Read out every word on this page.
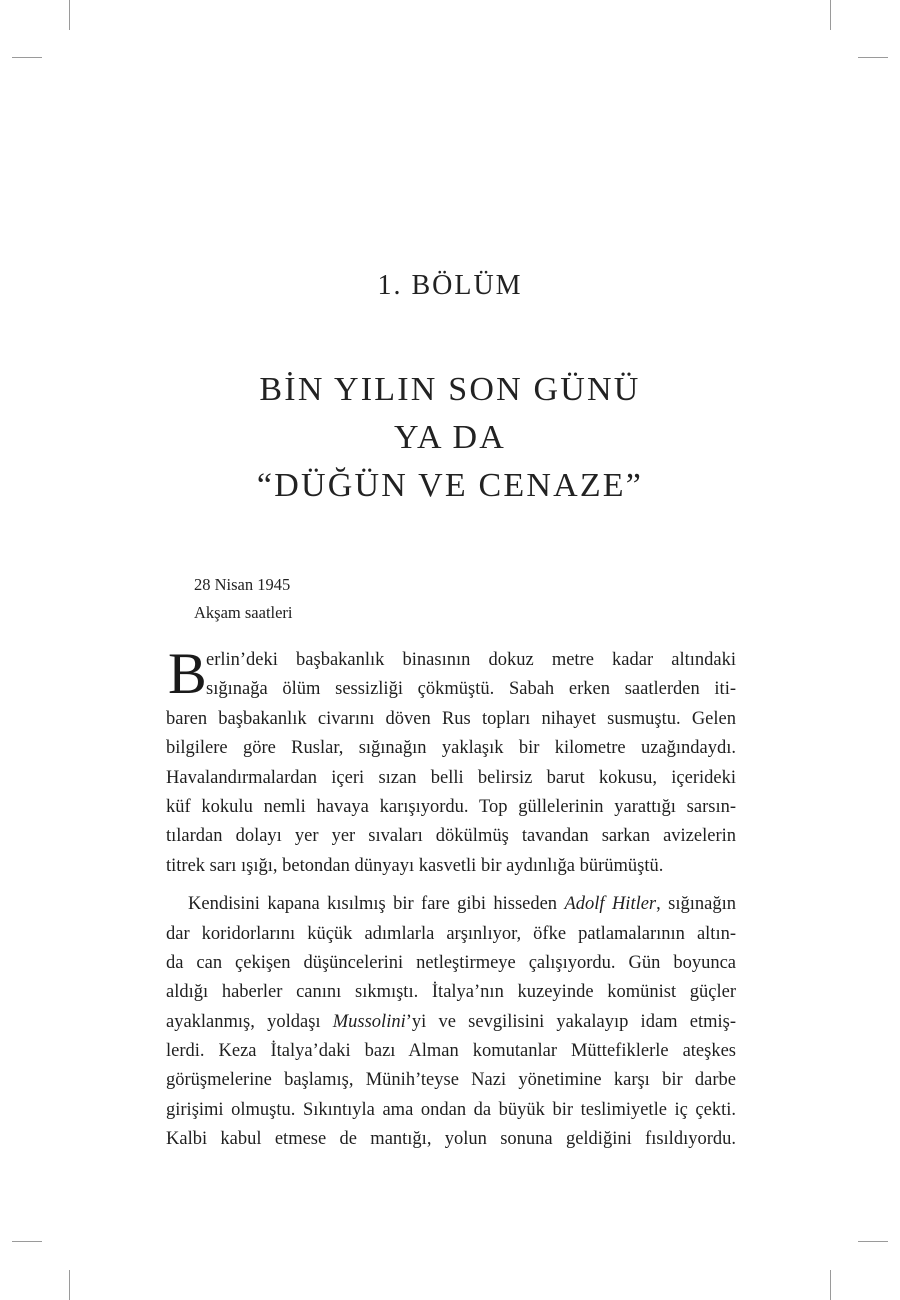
1. BÖLÜM
BİN YILIN SON GÜNÜ
YA DA
“DÜĞÜN VE CENAZE”
28 Nisan 1945
Akşam saatleri

B erlin’deki başbakanlık binasının dokuz metre kadar altındaki
sığınağa ölüm sessizliği çökmüştü. Sabah erken saatlerden iti-
baren başbakanlık civarını döven Rus topları nihayet susmuştu. Gelen
bilgilere göre Ruslar, sığınağın yaklaşık bir kilometre uzağındaydı.
Havalandırmalardan içeri sızan belli belirsiz barut kokusu, içerideki
küf kokulu nemli havaya karışıyordu. Top güllelerinin yarattığı sarsın-
tılardan dolayı yer yer sıvaları dökülmüş tavandan sarkan avizelerin
titrek sarı ışığı, betondan dünyayı kasvetli bir aydınlığa bürümüştü.

Kendisini kapana kısılmış bir fare gibi hisseden Adolf Hitler, sığınağın
dar koridorlarını küçük adımlarla arşınlıyor, öfke patlamalarının altın-
da can çekişen düşüncelerini netleştirmeye çalışıyordu. Gün boyunca
aldığı haberler canını sıkmıştı. İtalya’nın kuzeyinde komünist güçler
ayaklanmış, yoldaşı Mussolini’yi ve sevgilisini yakalayıp idam etmiş-
lerdi. Keza İtalya’daki bazı Alman komutanlar Müttefiklerle ateşkes
görüşmelerine başlamış, Münih’teyse Nazi yönetimine karşı bir darbe
girişimi olmuştu. Sıkıntıyla ama ondan da büyük bir teslimiyetle iç çekti.
Kalbi kabul etmese de mantığı, yolun sonuna geldiğini fısıldıyordu.
